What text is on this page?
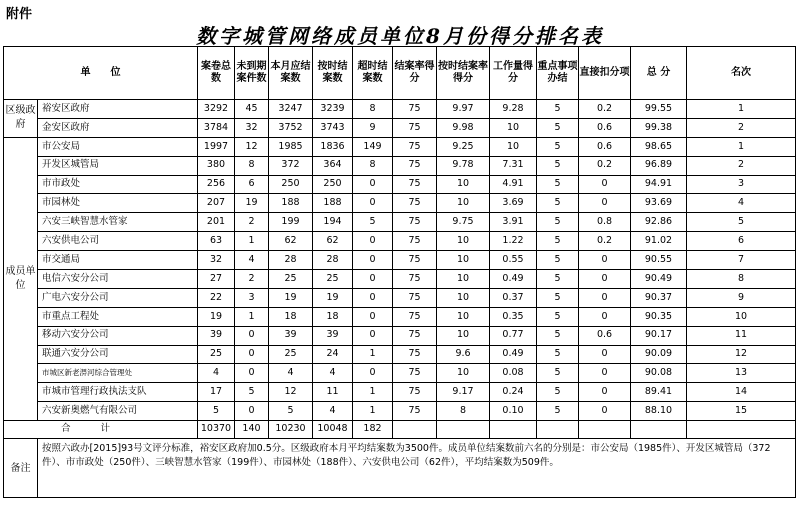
附件
数字城管网络成员单位8月份得分排名表
单　　位		案卷总数	未到期案件数	本月应结案数	按时结案数	超时结案数	结案率得分	按时结案率得分	工作量得分	重点事项办结	直接扣分项	总 分	名次
区级政府	裕安区政府	3292	45	3247	3239	8	75	9.97	9.28	5	0.2	99.55	1
	金安区政府	3784	32	3752	3743	9	75	9.98	10	5	0.6	99.38	2
成员单位	市公安局	1997	12	1985	1836	149	75	9.25	10	5	0.6	98.65	1
	开发区城管局	380	8	372	364	8	75	9.78	7.31	5	0.2	96.89	2
	市市政处	256	6	250	250	0	75	10	4.91	5	0	94.91	3
	市园林处	207	19	188	188	0	75	10	3.69	5	0	93.69	4
	六安三峡智慧水管家	201	2	199	194	5	75	9.75	3.91	5	0.8	92.86	5
	六安供电公司	63	1	62	62	0	75	10	1.22	5	0.2	91.02	6
	市交通局	32	4	28	28	0	75	10	0.55	5	0	90.55	7
	电信六安分公司	27	2	25	25	0	75	10	0.49	5	0	90.49	8
	广电六安分公司	22	3	19	19	0	75	10	0.37	5	0	90.37	9
	市重点工程处	19	1	18	18	0	75	10	0.35	5	0	90.35	10
	移动六安分公司	39	0	39	39	0	75	10	0.77	5	0.6	90.17	11
	联通六安分公司	25	0	25	24	1	75	9.6	0.49	5	0	90.09	12
	市城区新老淠河综合管理处	4	0	4	4	0	75	10	0.08	5	0	90.08	13
	市城市管理行政执法支队	17	5	12	11	1	75	9.17	0.24	5	0	89.41	14
	六安新奥燃气有限公司	5	0	5	4	1	75	8	0.10	5	0	88.10	15
合计		10370	140	10230	10048	182							
备注	按照六政办[2015]93号文评分标准，裕安区政府加0.5分。区级政府本月平均结案数为3500件。成员单位结案数前六名的分别是：市公安局（1985件）、开发区城管局（372件）、市市政处（250件）、三峡智慧水管家（199件）、市园林处（188件）、六安供电公司（62件），平均结案数为509件。												
